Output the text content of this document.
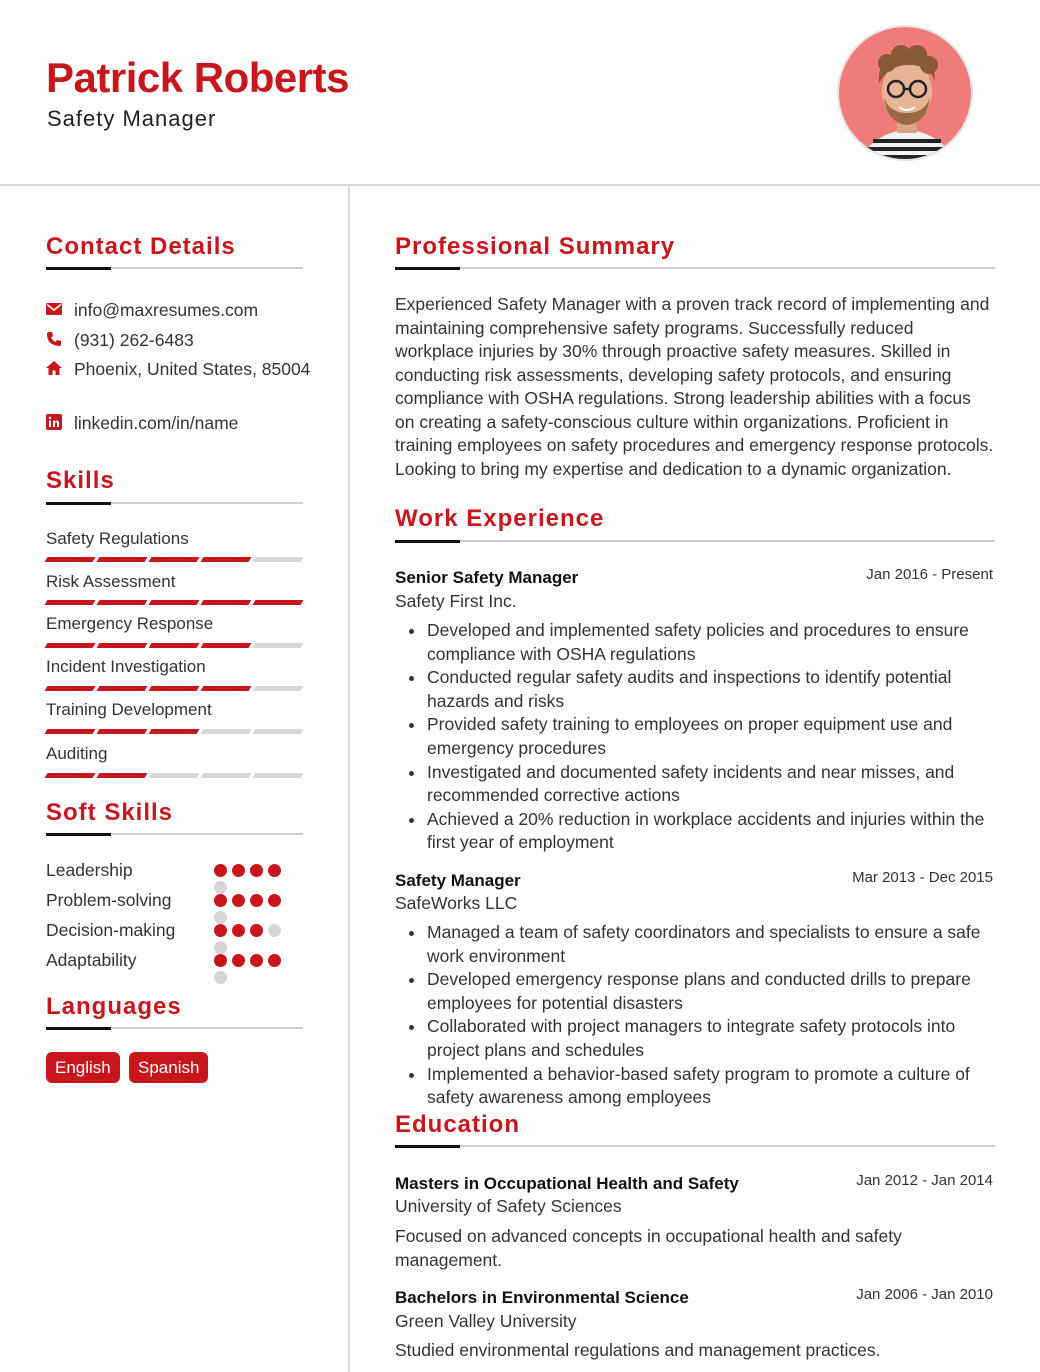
Patrick Roberts
Safety Manager
Contact Details
info@maxresumes.com
(931) 262-6483
Phoenix, United States, 85004
linkedin.com/in/name
Skills
Safety Regulations
Risk Assessment
Emergency Response
Incident Investigation
Training Development
Auditing
Soft Skills
Leadership
Problem-solving
Decision-making
Adaptability
Languages
English	Spanish
Professional Summary
Experienced Safety Manager with a proven track record of implementing and maintaining comprehensive safety programs. Successfully reduced workplace injuries by 30% through proactive safety measures. Skilled in conducting risk assessments, developing safety protocols, and ensuring compliance with OSHA regulations. Strong leadership abilities with a focus on creating a safety-conscious culture within organizations. Proficient in training employees on safety procedures and emergency response protocols. Looking to bring my expertise and dedication to a dynamic organization.
Work Experience
Senior Safety Manager	Jan 2016 - Present
Safety First Inc.
Developed and implemented safety policies and procedures to ensure compliance with OSHA regulations
Conducted regular safety audits and inspections to identify potential hazards and risks
Provided safety training to employees on proper equipment use and emergency procedures
Investigated and documented safety incidents and near misses, and recommended corrective actions
Achieved a 20% reduction in workplace accidents and injuries within the first year of employment
Safety Manager	Mar 2013 - Dec 2015
SafeWorks LLC
Managed a team of safety coordinators and specialists to ensure a safe work environment
Developed emergency response plans and conducted drills to prepare employees for potential disasters
Collaborated with project managers to integrate safety protocols into project plans and schedules
Implemented a behavior-based safety program to promote a culture of safety awareness among employees
Education
Masters in Occupational Health and Safety	Jan 2012 - Jan 2014
University of Safety Sciences
Focused on advanced concepts in occupational health and safety management.
Bachelors in Environmental Science	Jan 2006 - Jan 2010
Green Valley University
Studied environmental regulations and management practices.
